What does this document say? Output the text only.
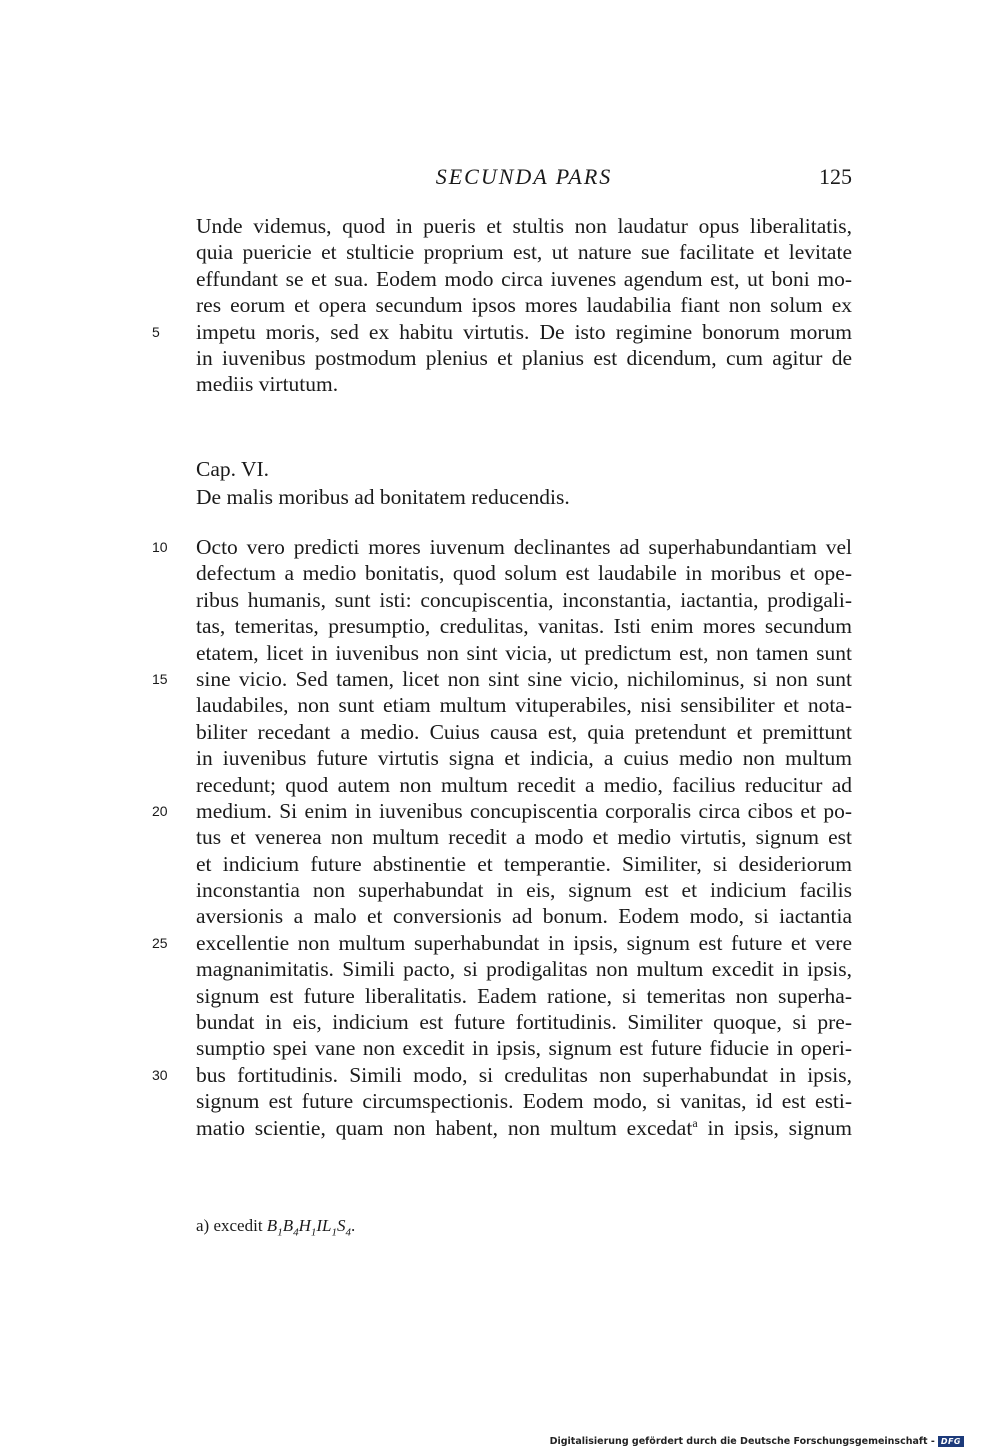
SECUNDA PARS	125
Unde videmus, quod in pueris et stultis non laudatur opus liberalitatis,
quia puericie et stulticie proprium est, ut nature sue facilitate et levitate
effundant se et sua. Eodem modo circa iuvenes agendum est, ut boni mo-
res eorum et opera secundum ipsos mores laudabilia fiant non solum ex
impetu moris, sed ex habitu virtutis. De isto regimine bonorum morum
5
in iuvenibus postmodum plenius et planius est dicendum, cum agitur de
mediis virtutum.
Cap. VI.
De malis moribus ad bonitatem reducendis.
Octo vero predicti mores iuvenum declinantes ad superhabundantiam vel
10
defectum a medio bonitatis, quod solum est laudabile in moribus et ope-
ribus humanis, sunt isti: concupiscentia, inconstantia, iactantia, prodigali-
tas, temeritas, presumptio, credulitas, vanitas. Isti enim mores secundum
etatem, licet in iuvenibus non sint vicia, ut predictum est, non tamen sunt
sine vicio. Sed tamen, licet non sint sine vicio, nichilominus, si non sunt
15
laudabiles, non sunt etiam multum vituperabiles, nisi sensibiliter et nota-
biliter recedant a medio. Cuius causa est, quia pretendunt et premittunt
in iuvenibus future virtutis signa et indicia, a cuius medio non multum
recedunt; quod autem non multum recedit a medio, facilius reducitur ad
medium. Si enim in iuvenibus concupiscentia corporalis circa cibos et po-
20
tus et venerea non multum recedit a modo et medio virtutis, signum est
et indicium future abstinentie et temperantie. Similiter, si desideriorum
inconstantia non superhabundat in eis, signum est et indicium facilis
aversionis a malo et conversionis ad bonum. Eodem modo, si iactantia
excellentie non multum superhabundat in ipsis, signum est future et vere
25
magnanimitatis. Simili pacto, si prodigalitas non multum excedit in ipsis,
signum est future liberalitatis. Eadem ratione, si temeritas non superha-
bundat in eis, indicium est future fortitudinis. Similiter quoque, si pre-
sumptio spei vane non excedit in ipsis, signum est future fiducie in operi-
bus fortitudinis. Simili modo, si credulitas non superhabundat in ipsis,
30
signum est future circumspectionis. Eodem modo, si vanitas, id est esti-
matio scientie, quam non habent, non multum excedat$^a$ in ipsis, signum
a) excedit $B_1B_4H_1IL_1S_4$.
Digitalisierung gefördert durch die Deutsche Forschungsgemeinschaft - DFG
